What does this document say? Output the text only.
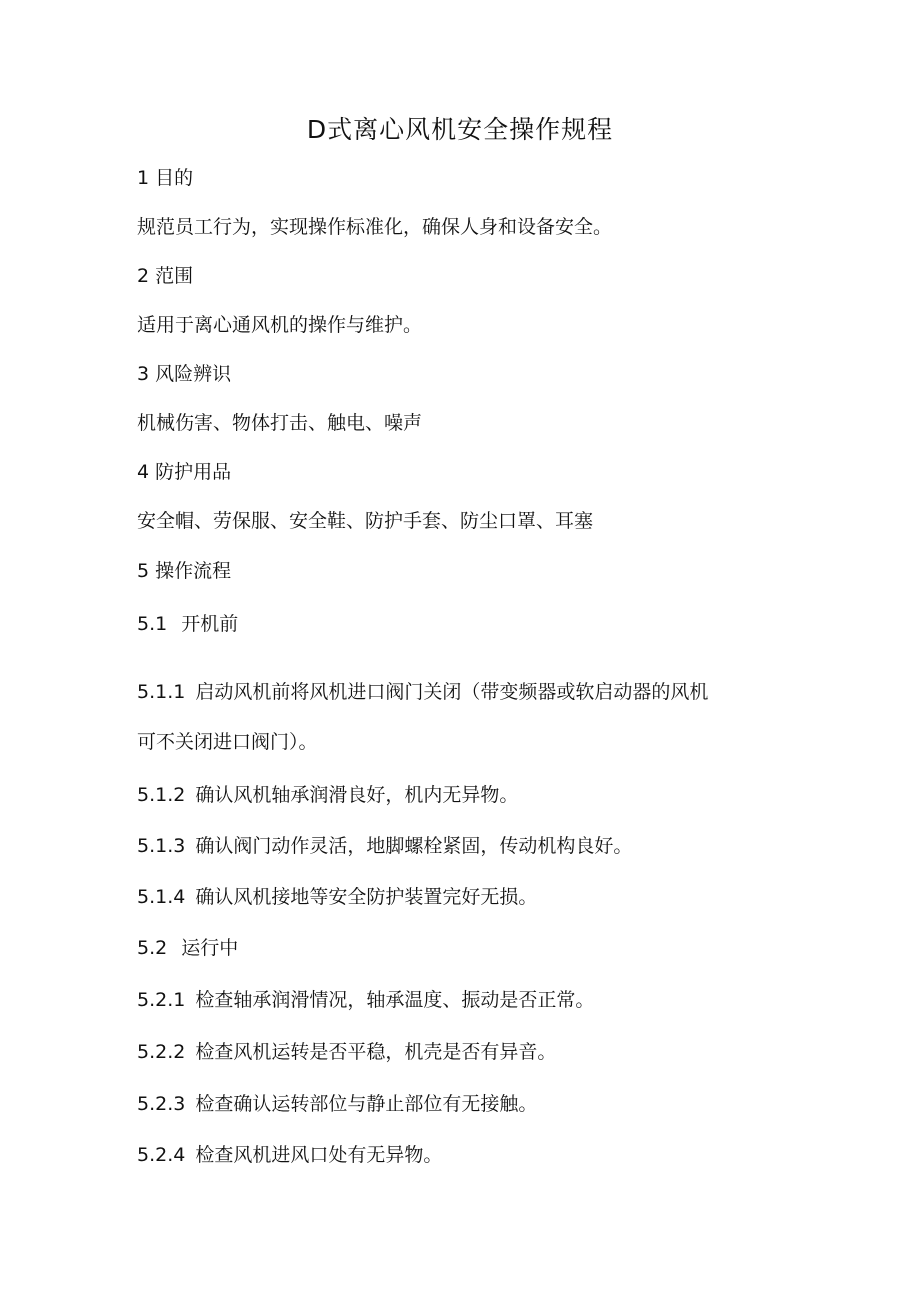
D式离心风机安全操作规程
1 目的
规范员工行为，实现操作标准化，确保人身和设备安全。
2 范围
适用于离心通风机的操作与维护。
3 风险辨识
机械伤害、物体打击、触电、噪声
4 防护用品
安全帽、劳保服、安全鞋、防护手套、防尘口罩、耳塞
5 操作流程
5.1 开机前
5.1.1 启动风机前将风机进口阀门关闭（带变频器或软启动器的风机
可不关闭进口阀门）。
5.1.2 确认风机轴承润滑良好，机内无异物。
5.1.3 确认阀门动作灵活，地脚螺栓紧固，传动机构良好。
5.1.4 确认风机接地等安全防护装置完好无损。
5.2 运行中
5.2.1 检查轴承润滑情况，轴承温度、振动是否正常。
5.2.2 检查风机运转是否平稳，机壳是否有异音。
5.2.3 检查确认运转部位与静止部位有无接触。
5.2.4 检查风机进风口处有无异物。
